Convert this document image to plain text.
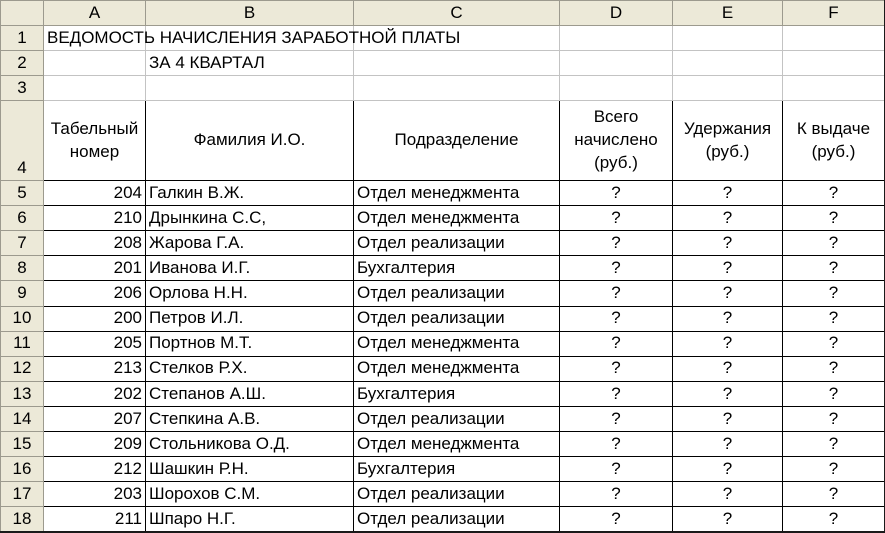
	A	B	C	D	E	F
1	ВЕДОМОСТЬ НАЧИСЛЕНИЯ ЗАРАБОТНОЙ ПЛАТЫ					
2		ЗА 4 КВАРТАЛ				
3						
4	Табельный номер	Фамилия И.О.	Подразделение	Всего начислено (руб.)	Удержания (руб.)	К выдаче (руб.)
5	204	Галкин В.Ж.	Отдел менеджмента	?	?	?
6	210	Дрынкина С.С,	Отдел менеджмента	?	?	?
7	208	Жарова Г.А.	Отдел реализации	?	?	?
8	201	Иванова И.Г.	Бухгалтерия	?	?	?
9	206	Орлова Н.Н.	Отдел реализации	?	?	?
10	200	Петров И.Л.	Отдел реализации	?	?	?
11	205	Портнов М.Т.	Отдел менеджмента	?	?	?
12	213	Стелков Р.Х.	Отдел менеджмента	?	?	?
13	202	Степанов А.Ш.	Бухгалтерия	?	?	?
14	207	Степкина А.В.	Отдел реализации	?	?	?
15	209	Стольникова О.Д.	Отдел менеджмента	?	?	?
16	212	Шашкин Р.Н.	Бухгалтерия	?	?	?
17	203	Шорохов С.М.	Отдел реализации	?	?	?
18	211	Шпаро Н.Г.	Отдел реализации	?	?	?
